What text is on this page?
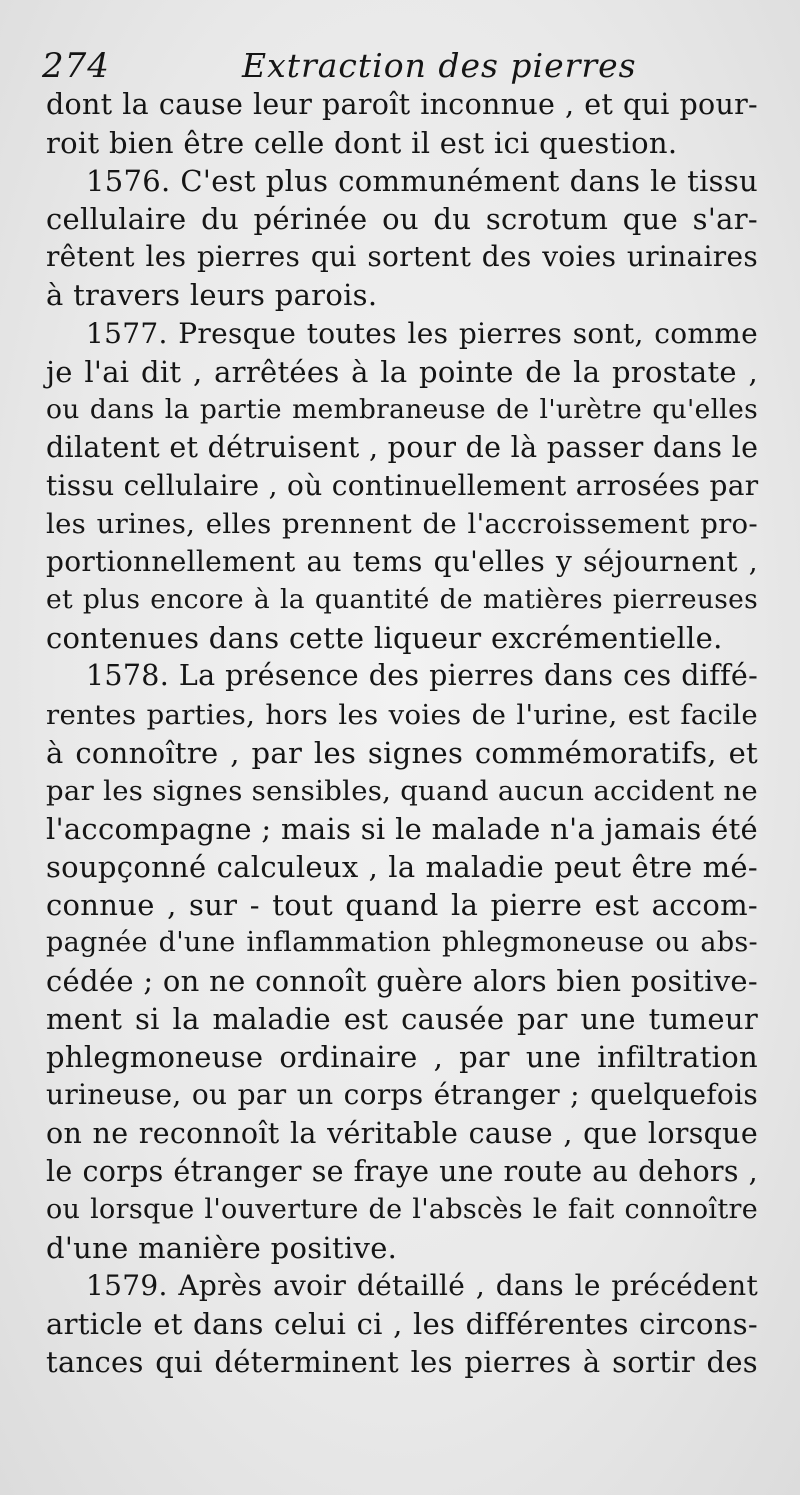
274	Extraction des pierres
dont la cause leur paroît inconnue , et qui pour-
roit bien être celle dont il est ici question.
1576. C'est plus communément dans le tissu
cellulaire du périnée ou du scrotum que s'ar-
rêtent les pierres qui sortent des voies urinaires
à travers leurs parois.
1577. Presque toutes les pierres sont, comme
je l'ai dit , arrêtées à la pointe de la prostate ,
ou dans la partie membraneuse de l'urètre qu'elles
dilatent et détruisent , pour de là passer dans le
tissu cellulaire , où continuellement arrosées par
les urines, elles prennent de l'accroissement pro-
portionnellement au tems qu'elles y séjournent ,
et plus encore à la quantité de matières pierreuses
contenues dans cette liqueur excrémentielle.
1578. La présence des pierres dans ces diffé-
rentes parties, hors les voies de l'urine, est facile
à connoître , par les signes commémoratifs, et
par les signes sensibles, quand aucun accident ne
l'accompagne ; mais si le malade n'a jamais été
soupçonné calculeux , la maladie peut être mé-
connue , sur - tout quand la pierre est accom-
pagnée d'une inflammation phlegmoneuse ou abs-
cédée ; on ne connoît guère alors bien positive-
ment si la maladie est causée par une tumeur
phlegmoneuse ordinaire , par une infiltration
urineuse, ou par un corps étranger ; quelquefois
on ne reconnoît la véritable cause , que lorsque
le corps étranger se fraye une route au dehors ,
ou lorsque l'ouverture de l'abscès le fait connoître
d'une manière positive.
1579. Après avoir détaillé , dans le précédent
article et dans celui ci , les différentes circons-
tances qui déterminent les pierres à sortir des
